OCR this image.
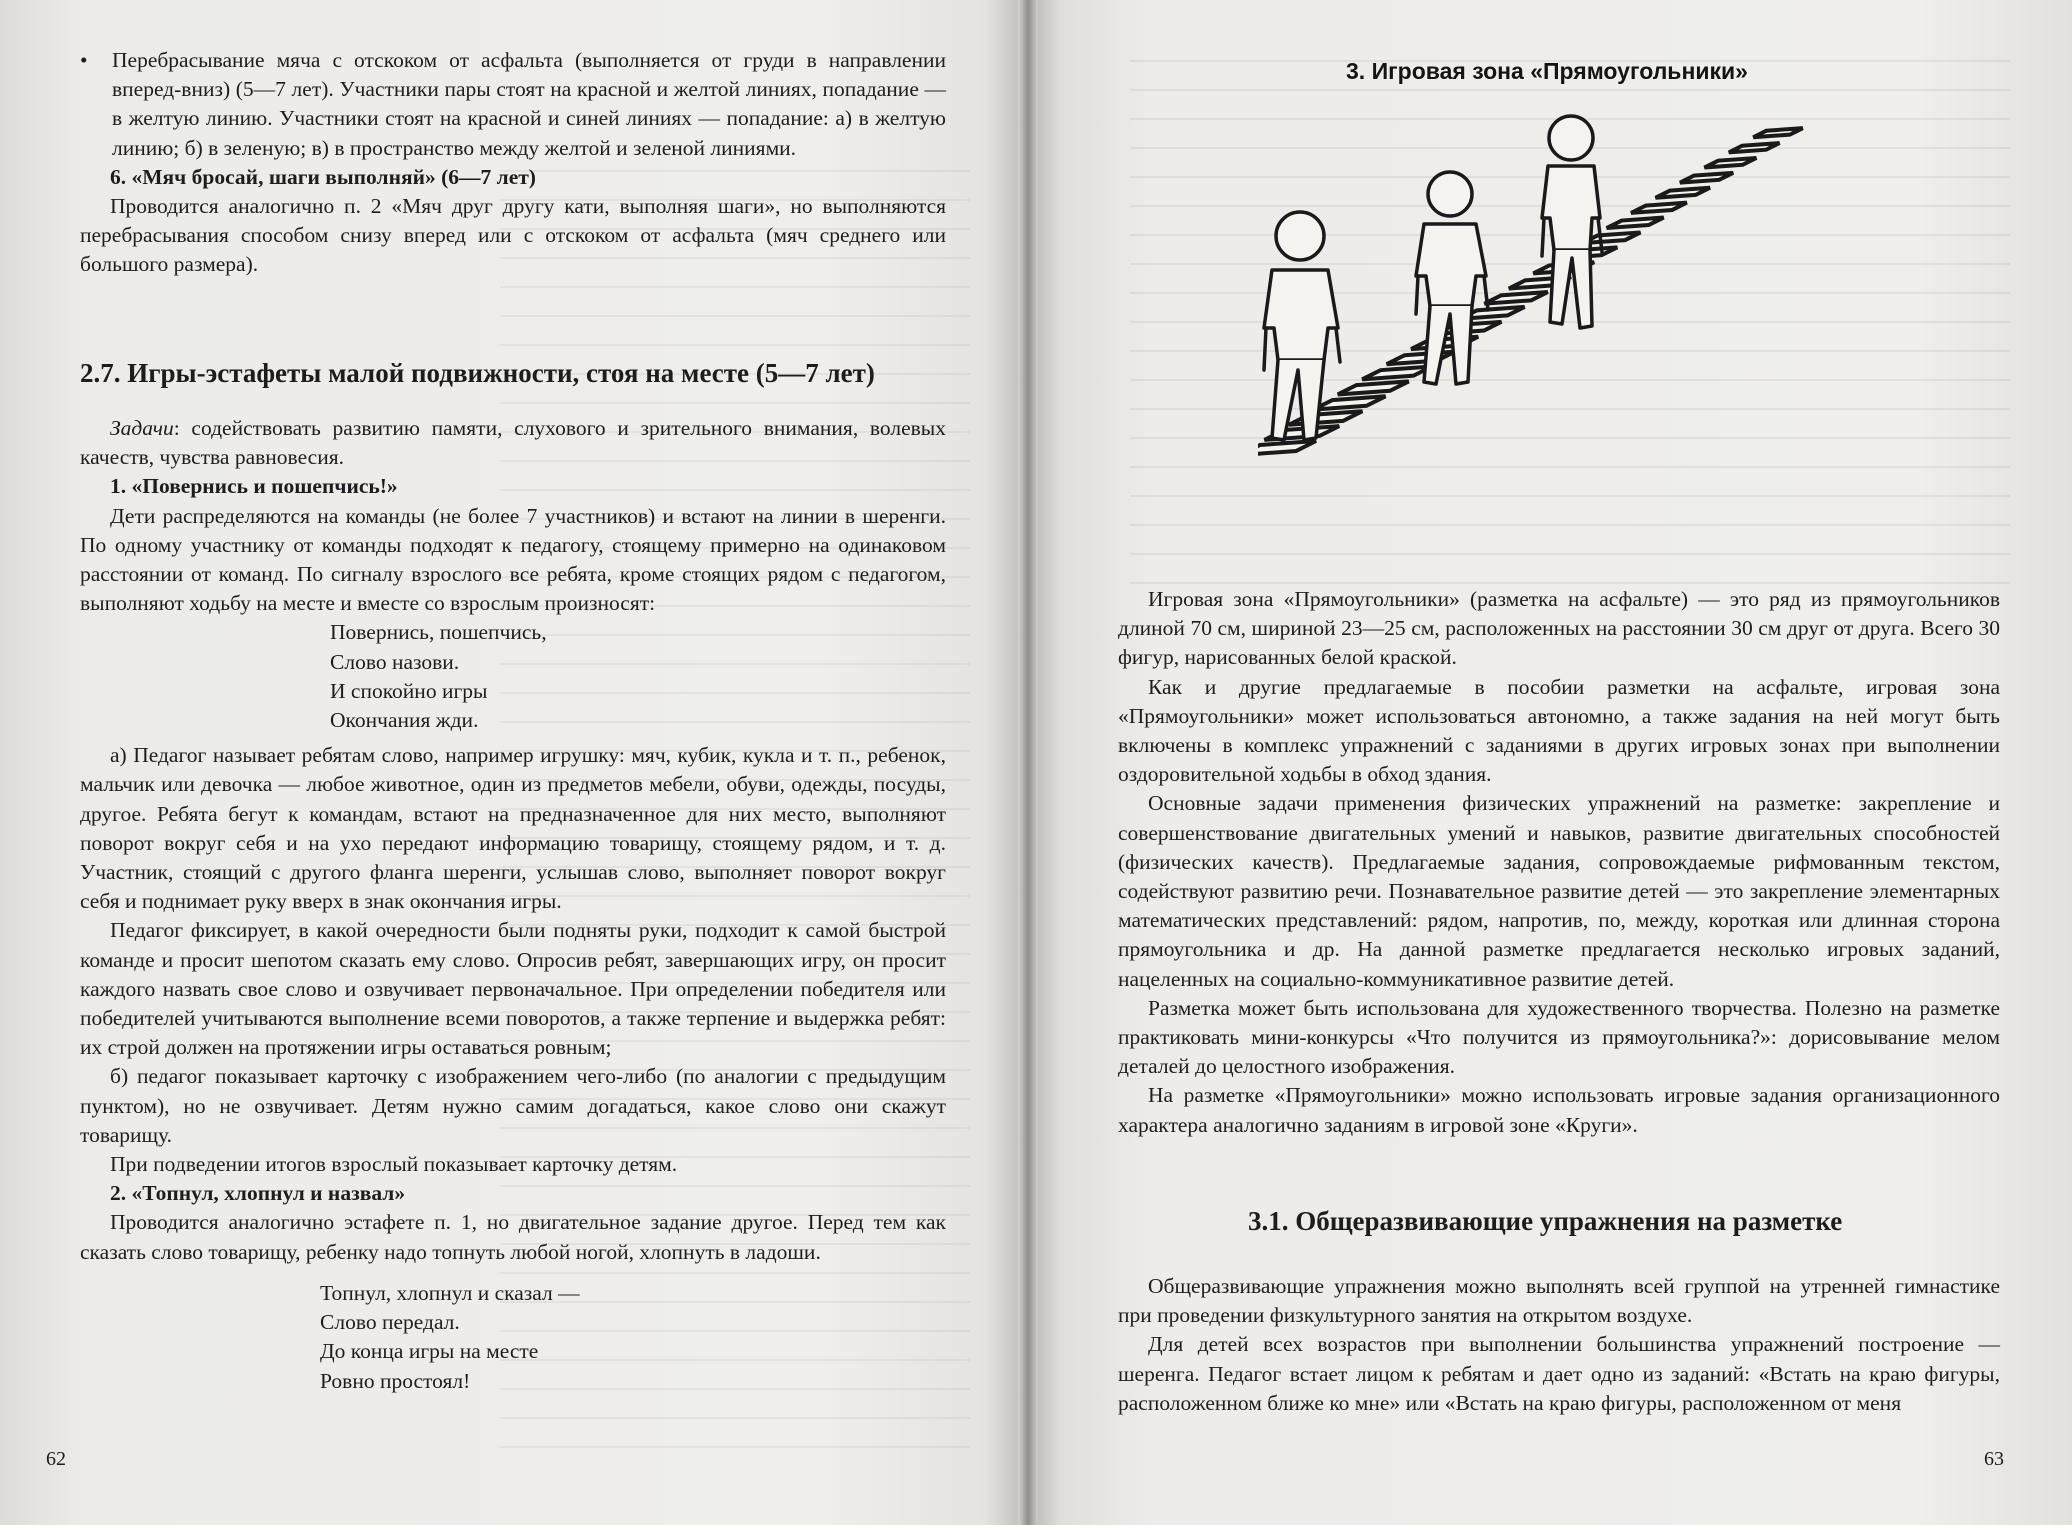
•	Перебрасывание мяча с отскоком от асфальта (выполняется от груди в направлении вперед-вниз) (5—7 лет). Участники пары стоят на красной и желтой линиях, попадание — в желтую линию. Участники стоят на красной и синей линиях — попадание: а) в желтую линию; б) в зеленую; в) в пространство между желтой и зеленой линиями.

6. «Мяч бросай, шаги выполняй» (6—7 лет)

Проводится аналогично п. 2 «Мяч друг другу кати, выполняя шаги», но выполняются перебрасывания способом снизу вперед или с отскоком от асфальта (мяч среднего или большого размера).

2.7. Игры-эстафеты малой подвижности, стоя на месте (5—7 лет)

Задачи: содействовать развитию памяти, слухового и зрительного внимания, волевых качеств, чувства равновесия.

1. «Повернись и пошепчись!»

Дети распределяются на команды (не более 7 участников) и встают на линии в шеренги. По одному участнику от команды подходят к педагогу, стоящему примерно на одинаковом расстоянии от команд. По сигналу взрослого все ребята, кроме стоящих рядом с педагогом, выполняют ходьбу на месте и вместе со взрослым произносят:

Повернись, пошепчись,

Слово назови.

И спокойно игры

Окончания жди.

а) Педагог называет ребятам слово, например игрушку: мяч, кубик, кукла и т. п., ребенок, мальчик или девочка — любое животное, один из предметов мебели, обуви, одежды, посуды, другое. Ребята бегут к командам, встают на предназначенное для них место, выполняют поворот вокруг себя и на ухо передают информацию товарищу, стоящему рядом, и т. д. Участник, стоящий с другого фланга шеренги, услышав слово, выполняет поворот вокруг себя и поднимает руку вверх в знак окончания игры.

Педагог фиксирует, в какой очередности были подняты руки, подходит к самой быстрой команде и просит шепотом сказать ему слово. Опросив ребят, завершающих игру, он просит каждого назвать свое слово и озвучивает первоначальное. При определении победителя или победителей учитываются выполнение всеми поворотов, а также терпение и выдержка ребят: их строй должен на протяжении игры оставаться ровным;

б) педагог показывает карточку с изображением чего-либо (по аналогии с предыдущим пунктом), но не озвучивает. Детям нужно самим догадаться, какое слово они скажут товарищу.

При подведении итогов взрослый показывает карточку детям.

2. «Топнул, хлопнул и назвал»

Проводится аналогично эстафете п. 1, но двигательное задание другое. Перед тем как сказать слово товарищу, ребенку надо топнуть любой ногой, хлопнуть в ладоши.

Топнул, хлопнул и сказал —

Слово передал.

До конца игры на месте

Ровно простоял!

62
3. Игровая зона «Прямоугольники»

Игровая зона «Прямоугольники» (разметка на асфальте) — это ряд из прямоугольников длиной 70 см, шириной 23—25 см, расположенных на расстоянии 30 см друг от друга. Всего 30 фигур, нарисованных белой краской.

Как и другие предлагаемые в пособии разметки на асфальте, игровая зона «Прямоугольники» может использоваться автономно, а также задания на ней могут быть включены в комплекс упражнений с заданиями в других игровых зонах при выполнении оздоровительной ходьбы в обход здания.

Основные задачи применения физических упражнений на разметке: закрепление и совершенствование двигательных умений и навыков, развитие двигательных способностей (физических качеств). Предлагаемые задания, сопровождаемые рифмованным текстом, содействуют развитию речи. Познавательное развитие детей — это закрепление элементарных математических представлений: рядом, напротив, по, между, короткая или длинная сторона прямоугольника и др. На данной разметке предлагается несколько игровых заданий, нацеленных на социально-коммуникативное развитие детей.

Разметка может быть использована для художественного творчества. Полезно на разметке практиковать мини-конкурсы «Что получится из прямоугольника?»: дорисовывание мелом деталей до целостного изображения.

На разметке «Прямоугольники» можно использовать игровые задания организационного характера аналогично заданиям в игровой зоне «Круги».

3.1. Общеразвивающие упражнения на разметке

Общеразвивающие упражнения можно выполнять всей группой на утренней гимнастике при проведении физкультурного занятия на открытом воздухе.

Для детей всех возрастов при выполнении большинства упражнений построение — шеренга. Педагог встает лицом к ребятам и дает одно из заданий: «Встать на краю фигуры, расположенном ближе ко мне» или «Встать на краю фигуры, расположенном от меня

63
